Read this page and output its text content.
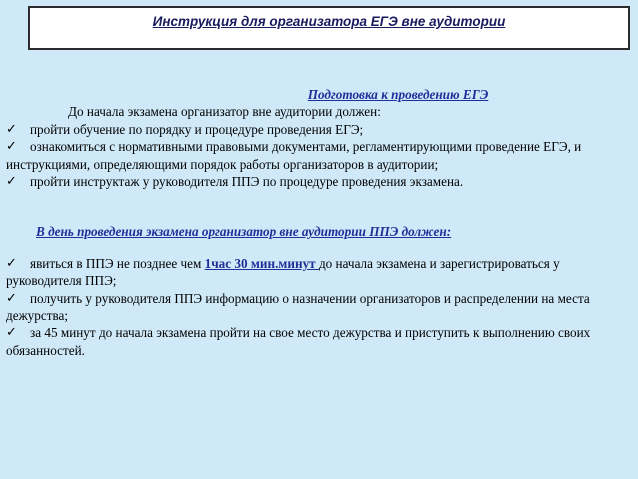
Инструкция для организатора ЕГЭ вне аудитории
Подготовка к проведению ЕГЭ
До начала экзамена организатор вне аудитории должен:
✓ пройти обучение по порядку и процедуре проведения ЕГЭ;
✓ ознакомиться с нормативными правовыми документами, регламентирующими проведение ЕГЭ, и инструкциями, определяющими порядок работы организаторов в аудитории;
✓ пройти инструктаж у руководителя ППЭ по процедуре проведения экзамена.
В день проведения экзамена организатор вне аудитории ППЭ должен:
✓ явиться в ППЭ не позднее чем 1час 30 мин.минут до начала экзамена и зарегистрироваться у руководителя ППЭ;
✓ получить у руководителя ППЭ информацию о назначении организаторов и распределении на места дежурства;
✓ за 45 минут до начала экзамена пройти на свое место дежурства и приступить к выполнению своих обязанностей.
